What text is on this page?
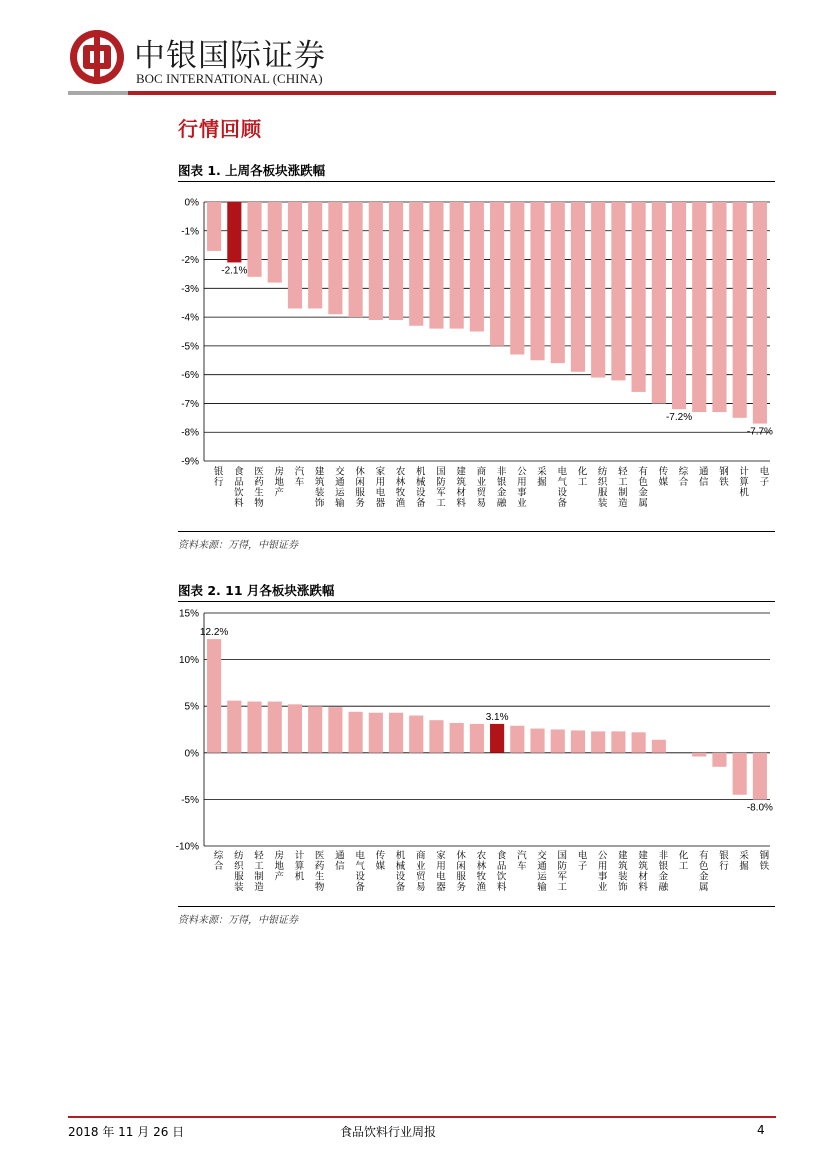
中银国际证券
BOC INTERNATIONAL (CHINA)
行情回顾
图表 1. 上周各板块涨跌幅
0%
-1%
-2%
-3%
-4%
-5%
-6%
-7%
-8%
-9%
银行 食品饮料 医药生物 房地产 汽车 建筑装饰 交通运输 休闲服务 家用电器 农林牧渔 机械设备 国防军工 建筑材料 商业贸易 非银金融 公用事业 采掘 电气设备 化工 纺织服装 轻工制造 有色金属 传媒 综合 通信 钢铁 计算机 电子
-2.1%
-7.2%
-7.7%
资料来源：万得，中银证券
图表 2. 11 月各板块涨跌幅
15%
10%
5%
0%
-5%
-10%
综合 纺织服装 轻工制造 房地产 计算机 医药生物 通信 电气设备 传媒 机械设备 商业贸易 家用电器 休闲服务 农林牧渔 食品饮料 汽车 交通运输 国防军工 电子 公用事业 建筑装饰 建筑材料 非银金融 化工 有色金属 银行 采掘 钢铁
12.2%
3.1%
-8.0%
资料来源：万得，中银证券
2018 年 11 月 26 日	食品饮料行业周报	4
